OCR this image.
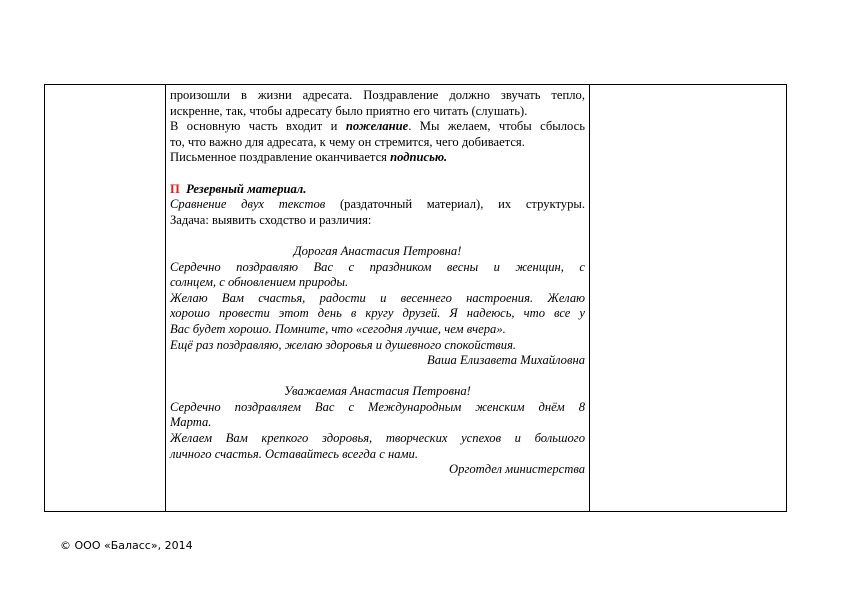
произошли в жизни адресата. Поздравление должно звучать тепло,

искренне, так, чтобы адресату было приятно его читать (слушать).

В основную часть входит и пожелание. Мы желаем, чтобы сбылось

то, что важно для адресата, к чему он стремится, чего добивается.

Письменное поздравление оканчивается подписью.

П Резервный материал.

Сравнение двух текстов (раздаточный материал), их структуры.

Задача: выявить сходство и различия:

Дорогая Анастасия Петровна!

Сердечно поздравляю Вас с праздником весны и женщин, с

солнцем, с обновлением природы.

Желаю Вам счастья, радости и весеннего настроения. Желаю

хорошо провести этот день в кругу друзей. Я надеюсь, что все у

Вас будет хорошо. Помните, что «сегодня лучше, чем вчера».

Ещё раз поздравляю, желаю здоровья и душевного спокойствия.

Ваша Елизавета Михайловна

Уважаемая Анастасия Петровна!

Сердечно поздравляем Вас с Международным женским днём 8

Марта.

Желаем Вам крепкого здоровья, творческих успехов и большого

личного счастья. Оставайтесь всегда с нами.

Орготдел министерства

© ООО «Баласс», 2014
